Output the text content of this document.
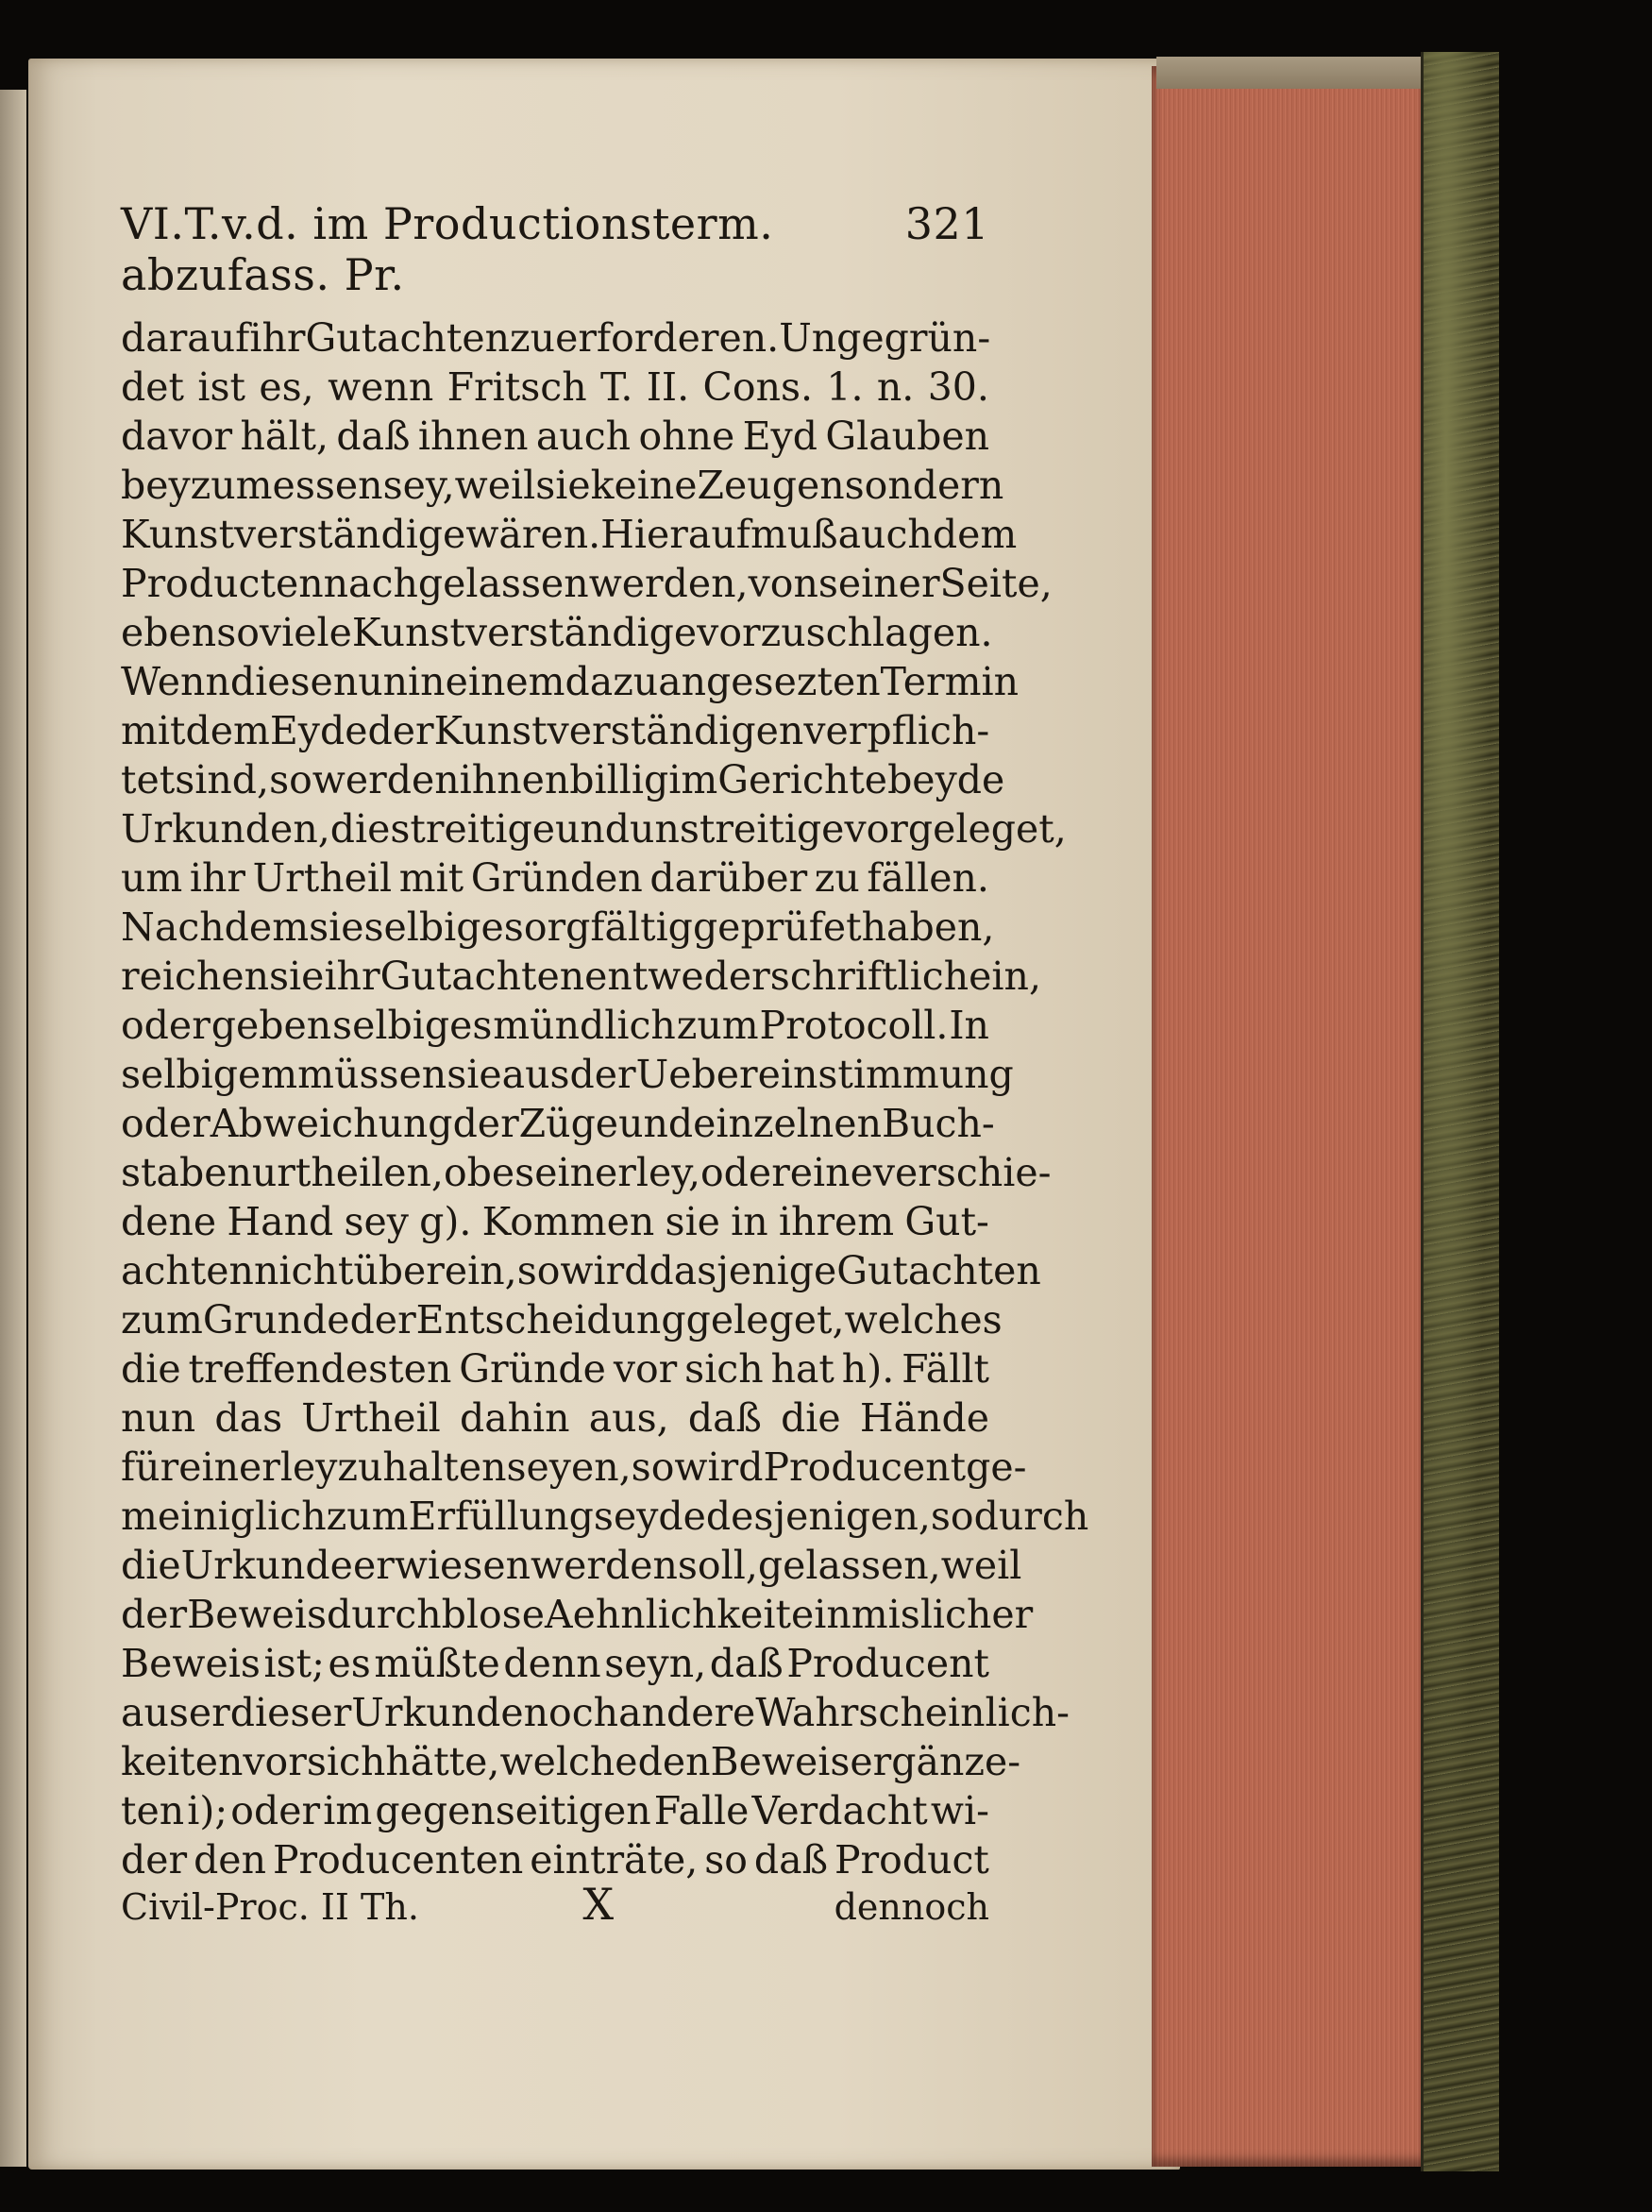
VI.T.v.d. im Productionsterm. abzufass. Pr.
321
darauf ihr Gutachten zu erforderen. Ungegrün-
det ist es, wenn Fritsch T. II. Cons. 1. n. 30.
davor hält, daß ihnen auch ohne Eyd Glauben
beyzumessen sey, weil sie keine Zeugen sondern
Kunstverständige wären. Hierauf muß auch dem
Producten nachgelassen werden, von seiner Seite,
eben so viele Kunstverständige vorzuschlagen.
Wenn diese nun in einem dazu angesezten Termin
mit dem Eyde der Kunstverständigen verpflich-
tet sind, so werden ihnen billig im Gerichte beyde
Urkunden, die streitige und unstreitige vorgeleget,
um ihr Urtheil mit Gründen darüber zu fällen.
Nachdem sie selbige sorgfältig geprüfet haben,
reichen sie ihr Gutachten entweder schriftlich ein,
oder geben selbiges mündlich zum Protocoll. In
selbigem müssen sie aus der Uebereinstimmung
oder Abweichung der Züge und einzelnen Buch-
staben urtheilen, ob es einerley, oder eine verschie-
dene Hand sey g). Kommen sie in ihrem Gut-
achten nicht überein, so wird dasjenige Gutachten
zum Grunde der Entscheidung geleget, welches
die treffendesten Gründe vor sich hat h). Fällt
nun das Urtheil dahin aus, daß die Hände
für einerley zu halten seyen, so wird Producent ge-
meiniglich zum Erfüllungseyde desjenigen, so durch
die Urkunde erwiesen werden soll, gelassen, weil
der Beweis durch blose Aehnlichkeit ein mislicher
Beweis ist; es müßte denn seyn, daß Producent
auser dieser Urkunde noch andere Wahrscheinlich-
keiten vor sich hätte, welche den Beweis ergänze-
ten i); oder im gegenseitigen Falle Verdacht wi-
der den Producenten einträte, so daß Product
Civil-Proc. II Th.	X	dennoch
